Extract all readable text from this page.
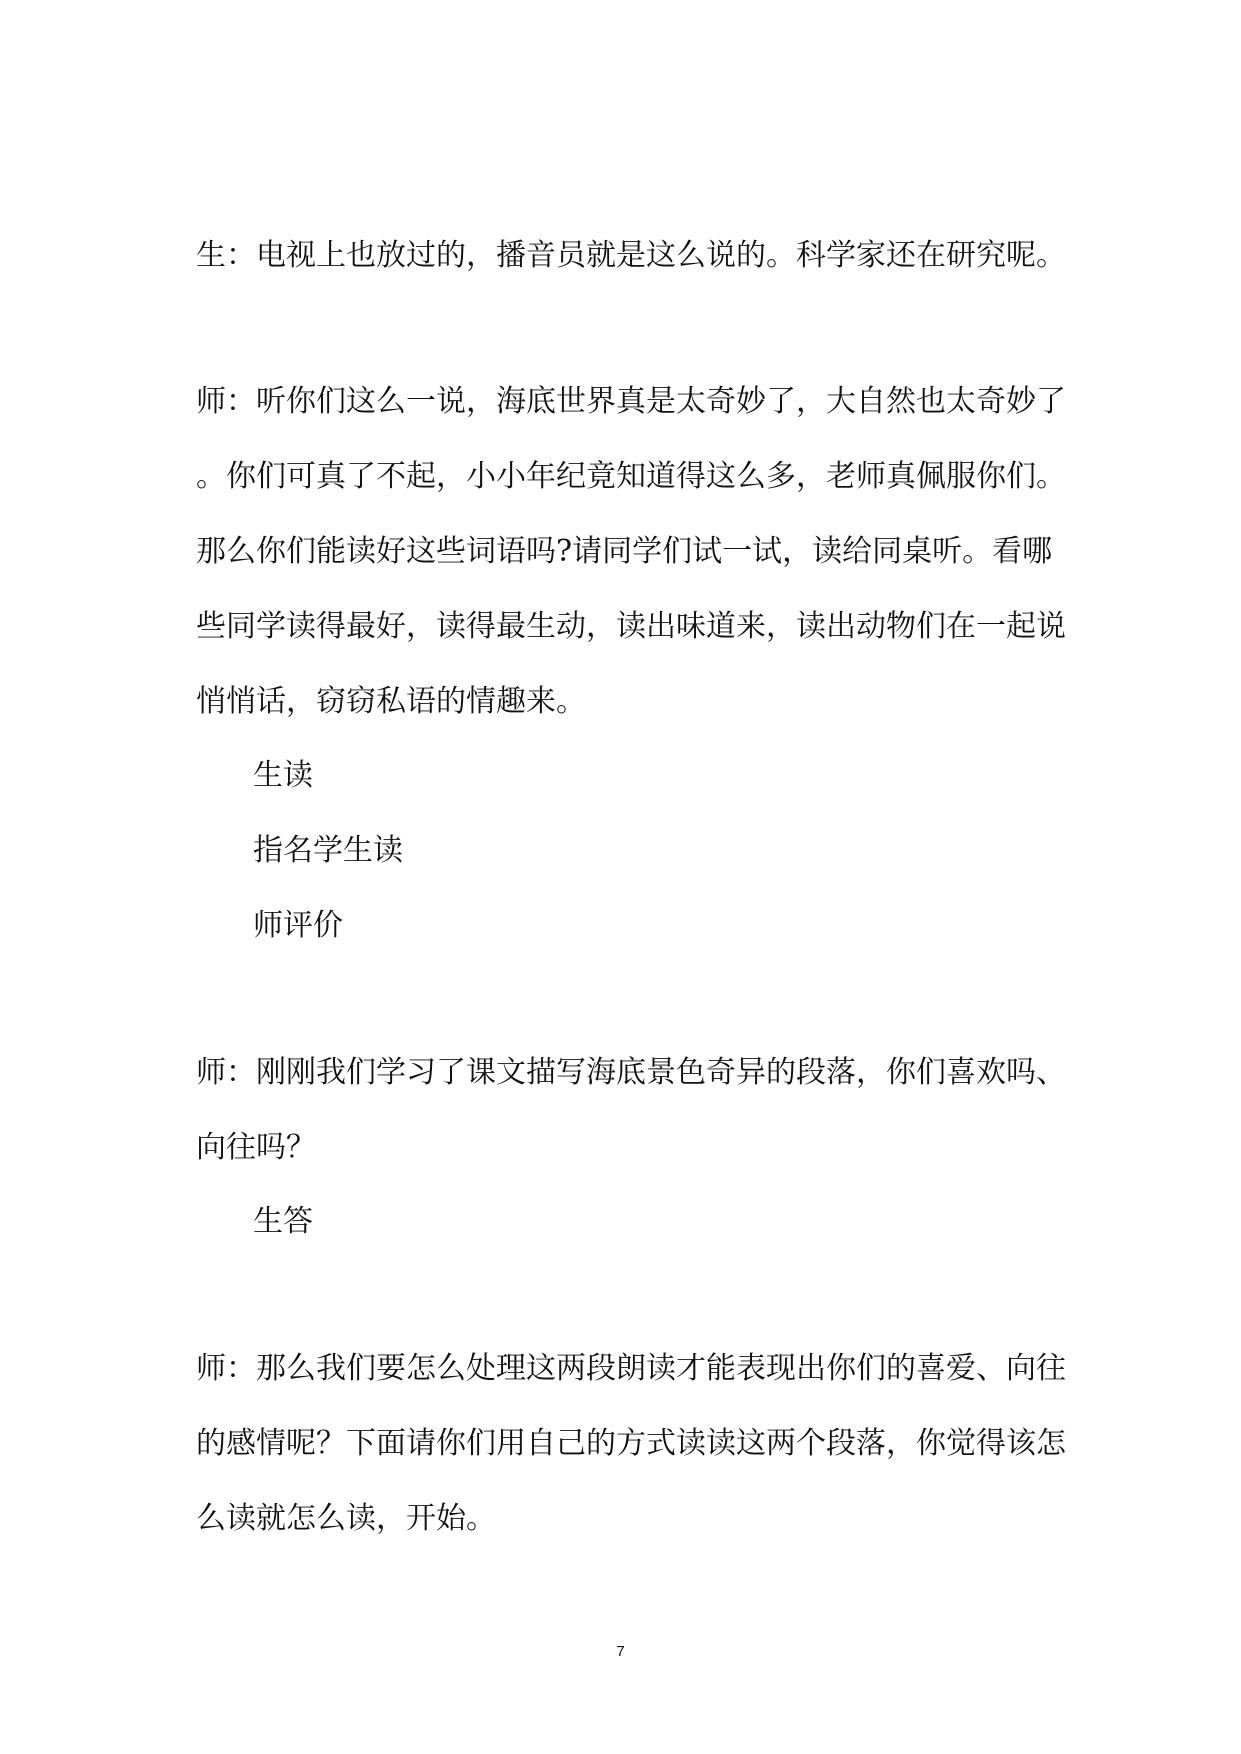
生：电视上也放过的，播音员就是这么说的。科学家还在研究呢。

师：听你们这么一说，海底世界真是太奇妙了，大自然也太奇妙了

。你们可真了不起，小小年纪竟知道得这么多，老师真佩服你们。

那么你们能读好这些词语吗?请同学们试一试，读给同桌听。看哪

些同学读得最好，读得最生动，读出味道来，读出动物们在一起说

悄悄话，窃窃私语的情趣来。

生读

指名学生读

师评价

师：刚刚我们学习了课文描写海底景色奇异的段落，你们喜欢吗、

向往吗？

生答

师：那么我们要怎么处理这两段朗读才能表现出你们的喜爱、向往

的感情呢？下面请你们用自己的方式读读这两个段落，你觉得该怎

么读就怎么读，开始。

7
